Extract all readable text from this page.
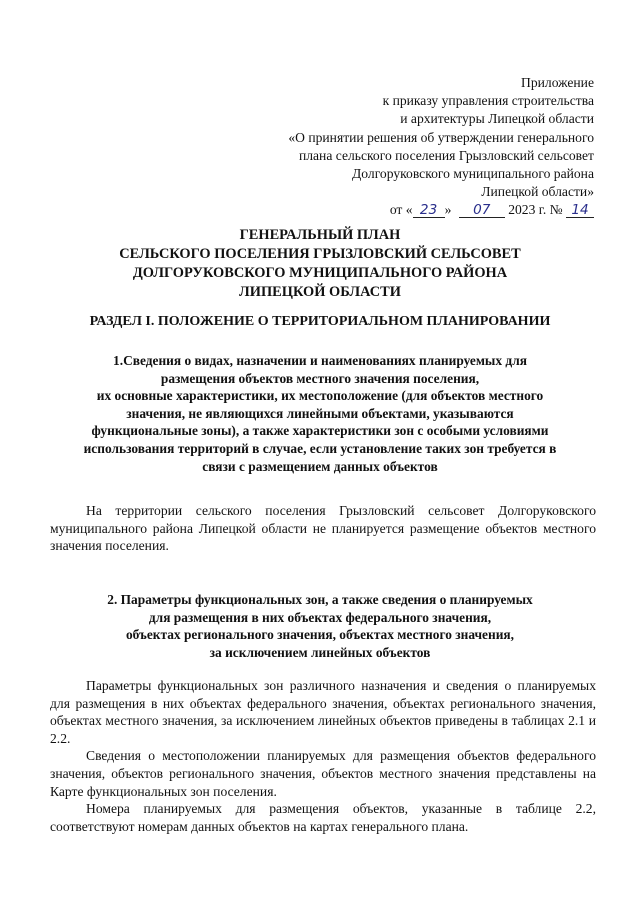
Приложение
к приказу управления строительства
и архитектуры Липецкой области
«О принятии решения об утверждении генерального
плана сельского поселения Грызловский сельсовет
Долгоруковского муниципального района
Липецкой области»
от « 23 » 07 2023 г. № 14
ГЕНЕРАЛЬНЫЙ ПЛАН
СЕЛЬСКОГО ПОСЕЛЕНИЯ ГРЫЗЛОВСКИЙ СЕЛЬСОВЕТ
ДОЛГОРУКОВСКОГО МУНИЦИПАЛЬНОГО РАЙОНА
ЛИПЕЦКОЙ ОБЛАСТИ
РАЗДЕЛ I. ПОЛОЖЕНИЕ О ТЕРРИТОРИАЛЬНОМ ПЛАНИРОВАНИИ
1.Сведения о видах, назначении и наименованиях планируемых для
размещения объектов местного значения поселения,
их основные характеристики, их местоположение (для объектов местного
значения, не являющихся линейными объектами, указываются
функциональные зоны), а также характеристики зон с особыми условиями
использования территорий в случае, если установление таких зон требуется в
связи с размещением данных объектов

На территории сельского поселения Грызловский сельсовет Долгоруковского муниципального района Липецкой области не планируется размещение объектов местного значения поселения.

2. Параметры функциональных зон, а также сведения о планируемых
для размещения в них объектах федерального значения,
объектах регионального значения, объектах местного значения,
за исключением линейных объектов

Параметры функциональных зон различного назначения и сведения о планируемых для размещения в них объектах федерального значения, объектах регионального значения, объектах местного значения, за исключением линейных объектов приведены в таблицах 2.1 и 2.2.

Сведения о местоположении планируемых для размещения объектов федерального значения, объектов регионального значения, объектов местного значения представлены на Карте функциональных зон поселения.

Номера планируемых для размещения объектов, указанные в таблице 2.2, соответствуют номерам данных объектов на картах генерального плана.
